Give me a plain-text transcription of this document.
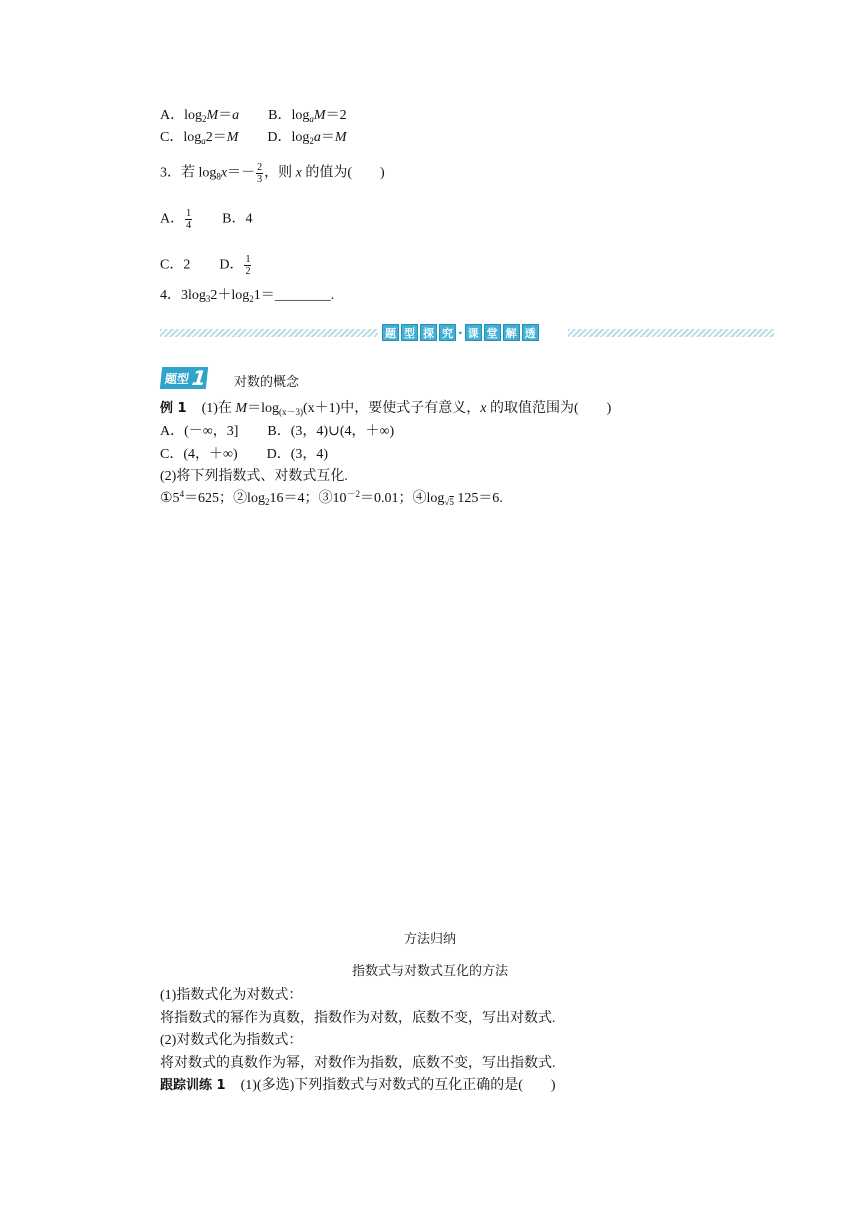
A．$\log_2M=a$ B．$\log_aM=2$
C．$\log_a2=M$ D．$\log_2a=M$
3．若 $\log_8x=- \frac{2}{3}$ ，则 x 的值为(　　)
A． $\frac{1}{4}$ B．4
C．2 D． $\frac{1}{2}$
4．$3\log_32+\log_21=\_\_\_\_\_\_\_\_$.
题 型 探 究 · 课 堂 解 透
题型 1 对数的概念
例 1 (1)在 $M=\log_{(x-3)}(x+1)$中，要使式子有意义，x 的取值范围为(　　)
A．(－∞，3] B．(3，4)∪(4，＋∞)
C．(4，＋∞) D．(3，4)
(2)将下列指数式、对数式互化.
$①5^4=625$；$②\log_216=4$；$③10^{-2}=0.01$；$④\log_{√5}$ 125＝6.
方法归纳
指数式与对数式互化的方法
(1)指数式化为对数式：
将指数式的幂作为真数，指数作为对数，底数不变，写出对数式.
(2)对数式化为指数式：
将对数式的真数作为幂，对数作为指数，底数不变，写出指数式.
跟踪训练 1 (1)(多选)下列指数式与对数式的互化正确的是(　　)
